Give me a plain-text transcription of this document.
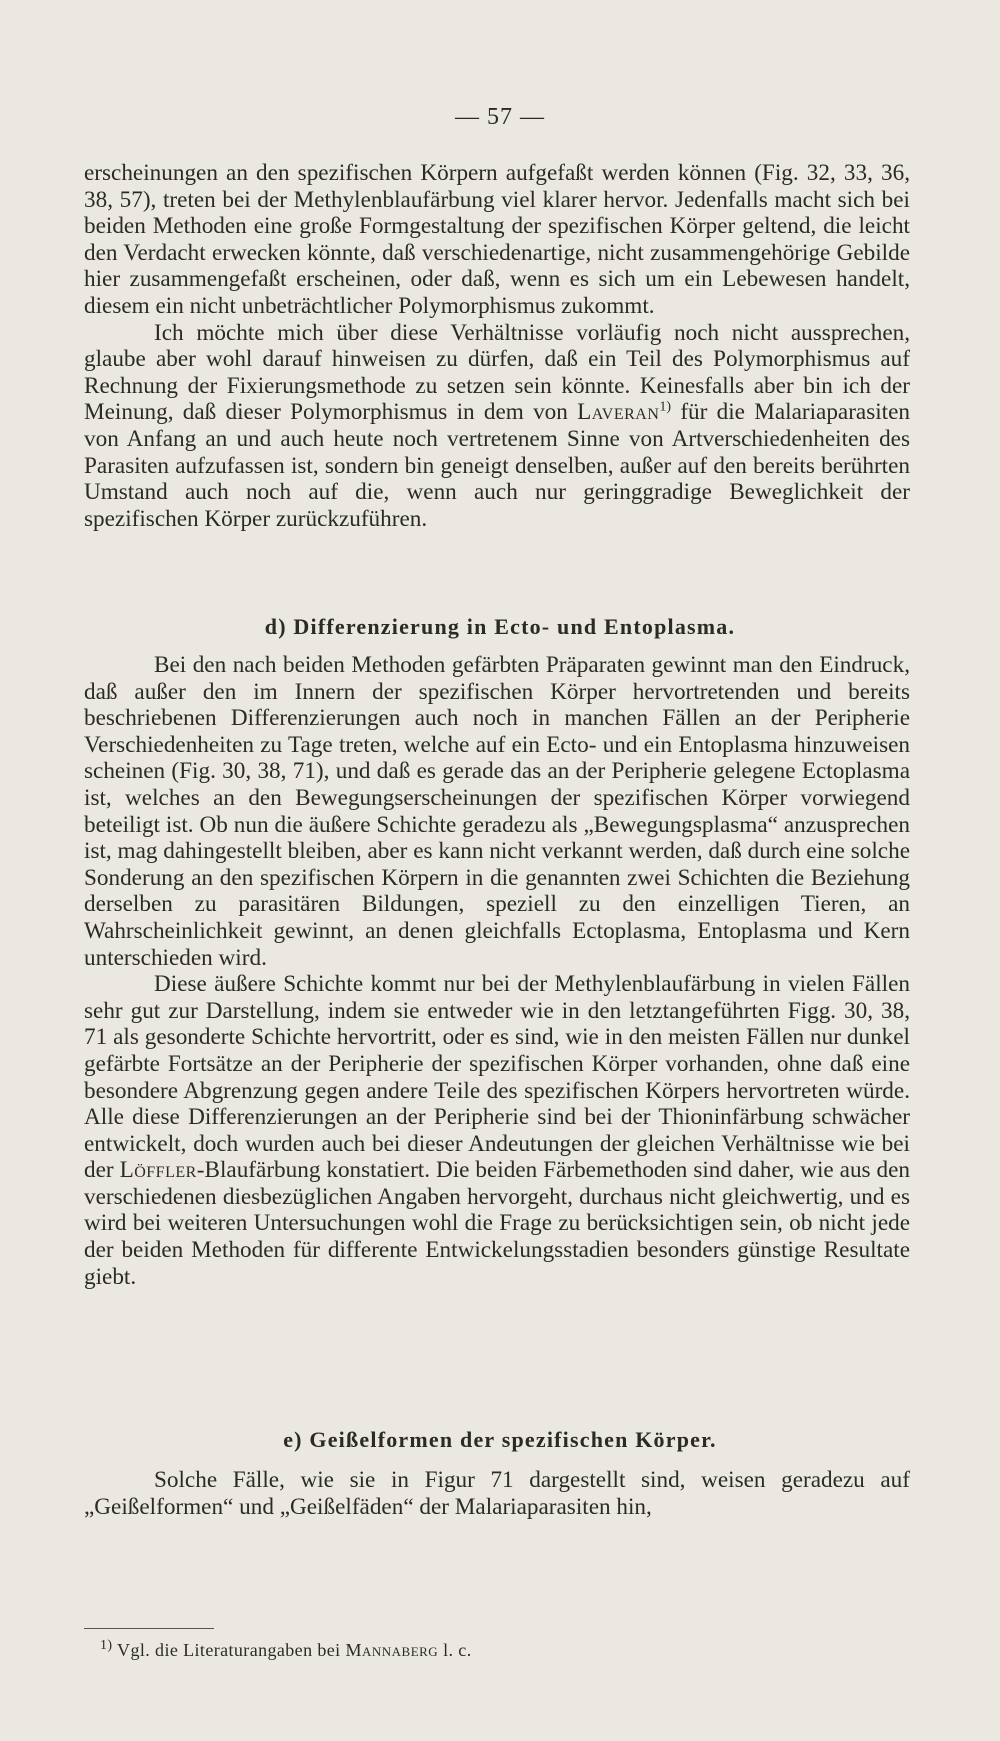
— 57 —

erscheinungen an den spezifischen Körpern aufgefaßt werden können (Fig. 32, 33, 36, 38, 57), treten bei der Methylenblaufärbung viel klarer hervor. Jedenfalls macht sich bei beiden Methoden eine große Formgestaltung der spezifischen Körper geltend, die leicht den Verdacht erwecken könnte, daß verschiedenartige, nicht zusammengehörige Gebilde hier zusammengefaßt erscheinen, oder daß, wenn es sich um ein Lebewesen handelt, diesem ein nicht unbeträchtlicher Polymorphismus zukommt.

Ich möchte mich über diese Verhältnisse vorläufig noch nicht aussprechen, glaube aber wohl darauf hinweisen zu dürfen, daß ein Teil des Polymorphismus auf Rechnung der Fixierungsmethode zu setzen sein könnte. Keinesfalls aber bin ich der Meinung, daß dieser Polymorphismus in dem von Laveran$^{1)}$ für die Malariaparasiten von Anfang an und auch heute noch vertretenem Sinne von Artverschiedenheiten des Parasiten aufzufassen ist, sondern bin geneigt denselben, außer auf den bereits berührten Umstand auch noch auf die, wenn auch nur geringgradige Beweglichkeit der spezifischen Körper zurückzuführen.

d) Differenzierung in Ecto- und Entoplasma.

Bei den nach beiden Methoden gefärbten Präparaten gewinnt man den Eindruck, daß außer den im Innern der spezifischen Körper hervortretenden und bereits beschriebenen Differenzierungen auch noch in manchen Fällen an der Peripherie Verschiedenheiten zu Tage treten, welche auf ein Ecto- und ein Entoplasma hinzuweisen scheinen (Fig. 30, 38, 71), und daß es gerade das an der Peripherie gelegene Ectoplasma ist, welches an den Bewegungserscheinungen der spezifischen Körper vorwiegend beteiligt ist. Ob nun die äußere Schichte geradezu als „Bewegungsplasma“ anzusprechen ist, mag dahingestellt bleiben, aber es kann nicht verkannt werden, daß durch eine solche Sonderung an den spezifischen Körpern in die genannten zwei Schichten die Beziehung derselben zu parasitären Bildungen, speziell zu den einzelligen Tieren, an Wahrscheinlichkeit gewinnt, an denen gleichfalls Ectoplasma, Entoplasma und Kern unterschieden wird.

Diese äußere Schichte kommt nur bei der Methylenblaufärbung in vielen Fällen sehr gut zur Darstellung, indem sie entweder wie in den letztangeführten Figg. 30, 38, 71 als gesonderte Schichte hervortritt, oder es sind, wie in den meisten Fällen nur dunkel gefärbte Fortsätze an der Peripherie der spezifischen Körper vorhanden, ohne daß eine besondere Abgrenzung gegen andere Teile des spezifischen Körpers hervortreten würde. Alle diese Differenzierungen an der Peripherie sind bei der Thioninfärbung schwächer entwickelt, doch wurden auch bei dieser Andeutungen der gleichen Verhältnisse wie bei der Löffler-Blaufärbung konstatiert. Die beiden Färbemethoden sind daher, wie aus den verschiedenen diesbezüglichen Angaben hervorgeht, durchaus nicht gleichwertig, und es wird bei weiteren Untersuchungen wohl die Frage zu berücksichtigen sein, ob nicht jede der beiden Methoden für differente Entwickelungsstadien besonders günstige Resultate giebt.

e) Geißelformen der spezifischen Körper.

Solche Fälle, wie sie in Figur 71 dargestellt sind, weisen geradezu auf „Geißelformen“ und „Geißelfäden“ der Malariaparasiten hin,

$^{1)}$ Vgl. die Literaturangaben bei Mannaberg l. c.
